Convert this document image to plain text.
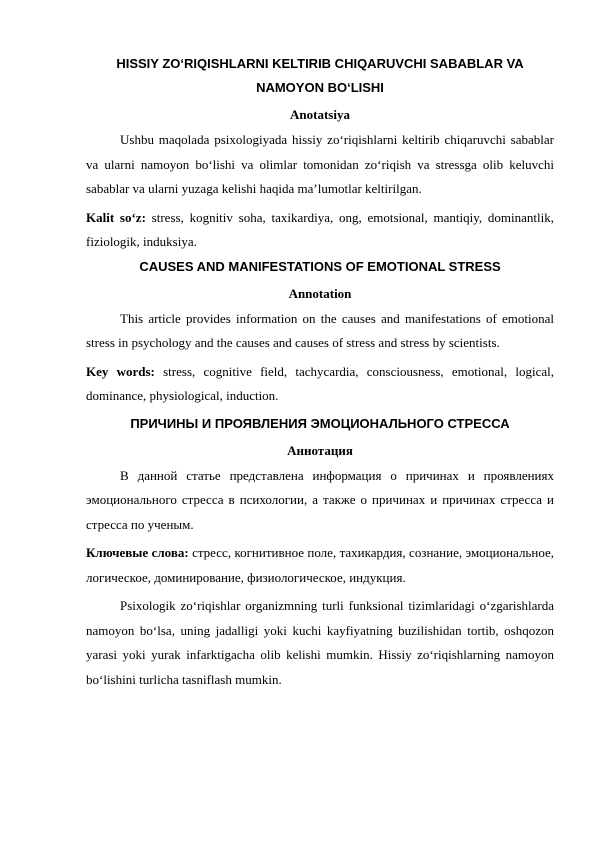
HISSIY ZO‘RIQISHLARNI KELTIRIB CHIQARUVCHI SABABLAR VA
NAMOYON BO‘LISHI
Anotatsiya

Ushbu maqolada psixologiyada hissiy zo‘riqishlarni keltirib chiqaruvchi sabablar va ularni namoyon bo‘lishi va olimlar tomonidan zo‘riqish va stressga olib keluvchi sabablar va ularni yuzaga kelishi haqida ma’lumotlar keltirilgan.

Kalit so‘z: stress, kognitiv soha, taxikardiya, ong, emotsional, mantiqiy, dominantlik, fiziologik, induksiya.

CAUSES AND MANIFESTATIONS OF EMOTIONAL STRESS
Annotation

This article provides information on the causes and manifestations of emotional stress in psychology and the causes and causes of stress and stress by scientists.

Key words: stress, cognitive field, tachycardia, consciousness, emotional, logical, dominance, physiological, induction.

ПРИЧИНЫ И ПРОЯВЛЕНИЯ ЭМОЦИОНАЛЬНОГО СТРЕССА
Аннотация

В данной статье представлена информация о причинах и проявлениях эмоционального стресса в психологии, а также о причинах и причинах стресса и стресса по ученым.

Ключевые слова: стресс, когнитивное поле, тахикардия, сознание, эмоциональное, логическое, доминирование, физиологическое, индукция.

Psixologik zo‘riqishlar organizmning turli funksional tizimlaridagi o‘zgarishlarda namoyon bo‘lsa, uning jadalligi yoki kuchi kayfiyatning buzilishidan tortib, oshqozon yarasi yoki yurak infarktigacha olib kelishi mumkin. Hissiy zo‘riqishlarning namoyon bo‘lishini turlicha tasniflash mumkin.
